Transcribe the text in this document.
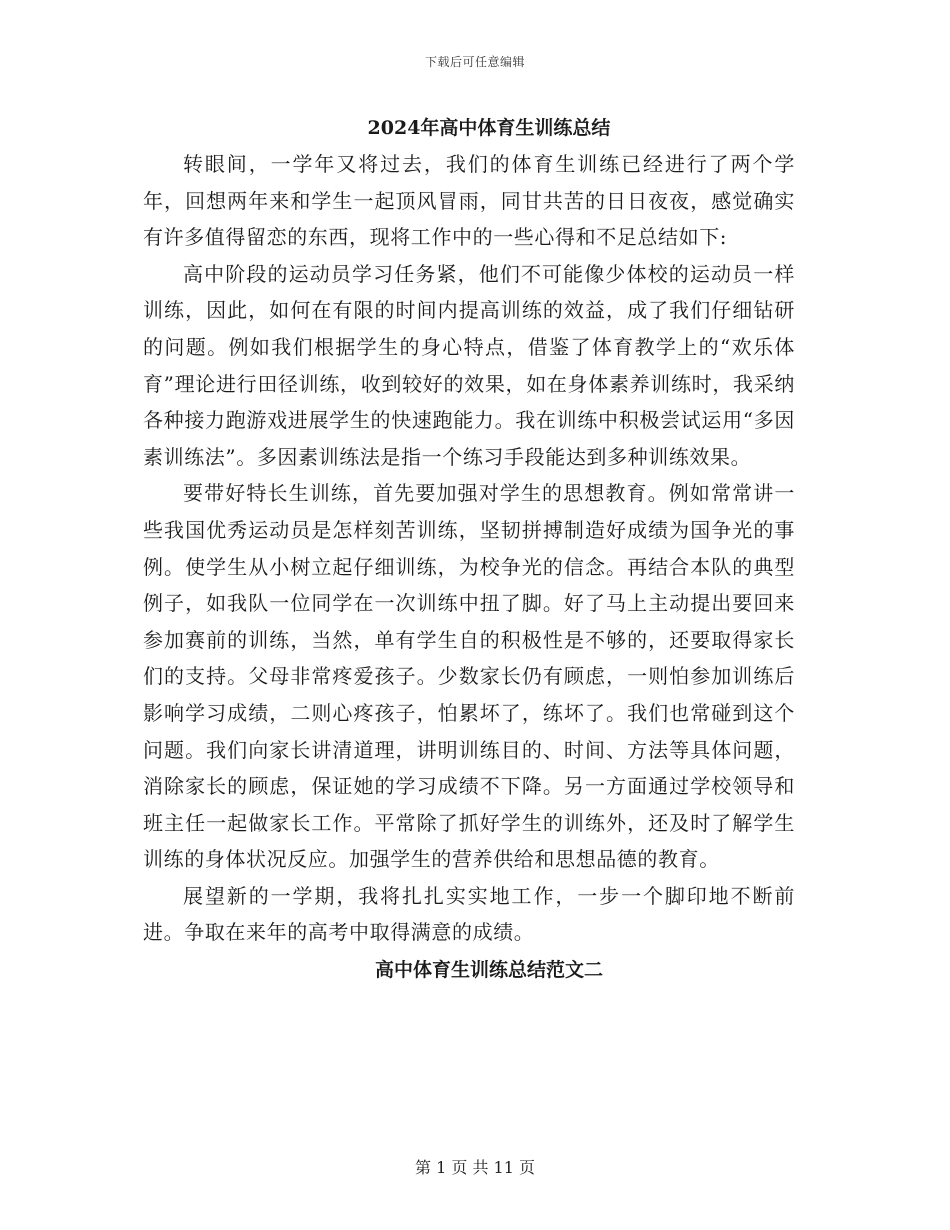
下载后可任意编辑
2024年高中体育生训练总结

转眼间，一学年又将过去，我们的体育生训练已经进行了两个学年，回想两年来和学生一起顶风冒雨，同甘共苦的日日夜夜，感觉确实有许多值得留恋的东西，现将工作中的一些心得和不足总结如下:

高中阶段的运动员学习任务紧，他们不可能像少体校的运动员一样训练，因此，如何在有限的时间内提高训练的效益，成了我们仔细钻研的问题。例如我们根据学生的身心特点，借鉴了体育教学上的“欢乐体育”理论进行田径训练，收到较好的效果，如在身体素养训练时，我采纳各种接力跑游戏进展学生的快速跑能力。我在训练中积极尝试运用“多因素训练法”。多因素训练法是指一个练习手段能达到多种训练效果。

要带好特长生训练，首先要加强对学生的思想教育。例如常常讲一些我国优秀运动员是怎样刻苦训练，坚韧拼搏制造好成绩为国争光的事例。使学生从小树立起仔细训练，为校争光的信念。再结合本队的典型例子，如我队一位同学在一次训练中扭了脚。好了马上主动提出要回来参加赛前的训练，当然，单有学生自的积极性是不够的，还要取得家长们的支持。父母非常疼爱孩子。少数家长仍有顾虑，一则怕参加训练后影响学习成绩，二则心疼孩子，怕累坏了，练坏了。我们也常碰到这个问题。我们向家长讲清道理，讲明训练目的、时间、方法等具体问题，消除家长的顾虑，保证她的学习成绩不下降。另一方面通过学校领导和班主任一起做家长工作。平常除了抓好学生的训练外，还及时了解学生训练的身体状况反应。加强学生的营养供给和思想品德的教育。

展望新的一学期，我将扎扎实实地工作，一步一个脚印地不断前进。争取在来年的高考中取得满意的成绩。

高中体育生训练总结范文二
第 1 页 共 11 页
